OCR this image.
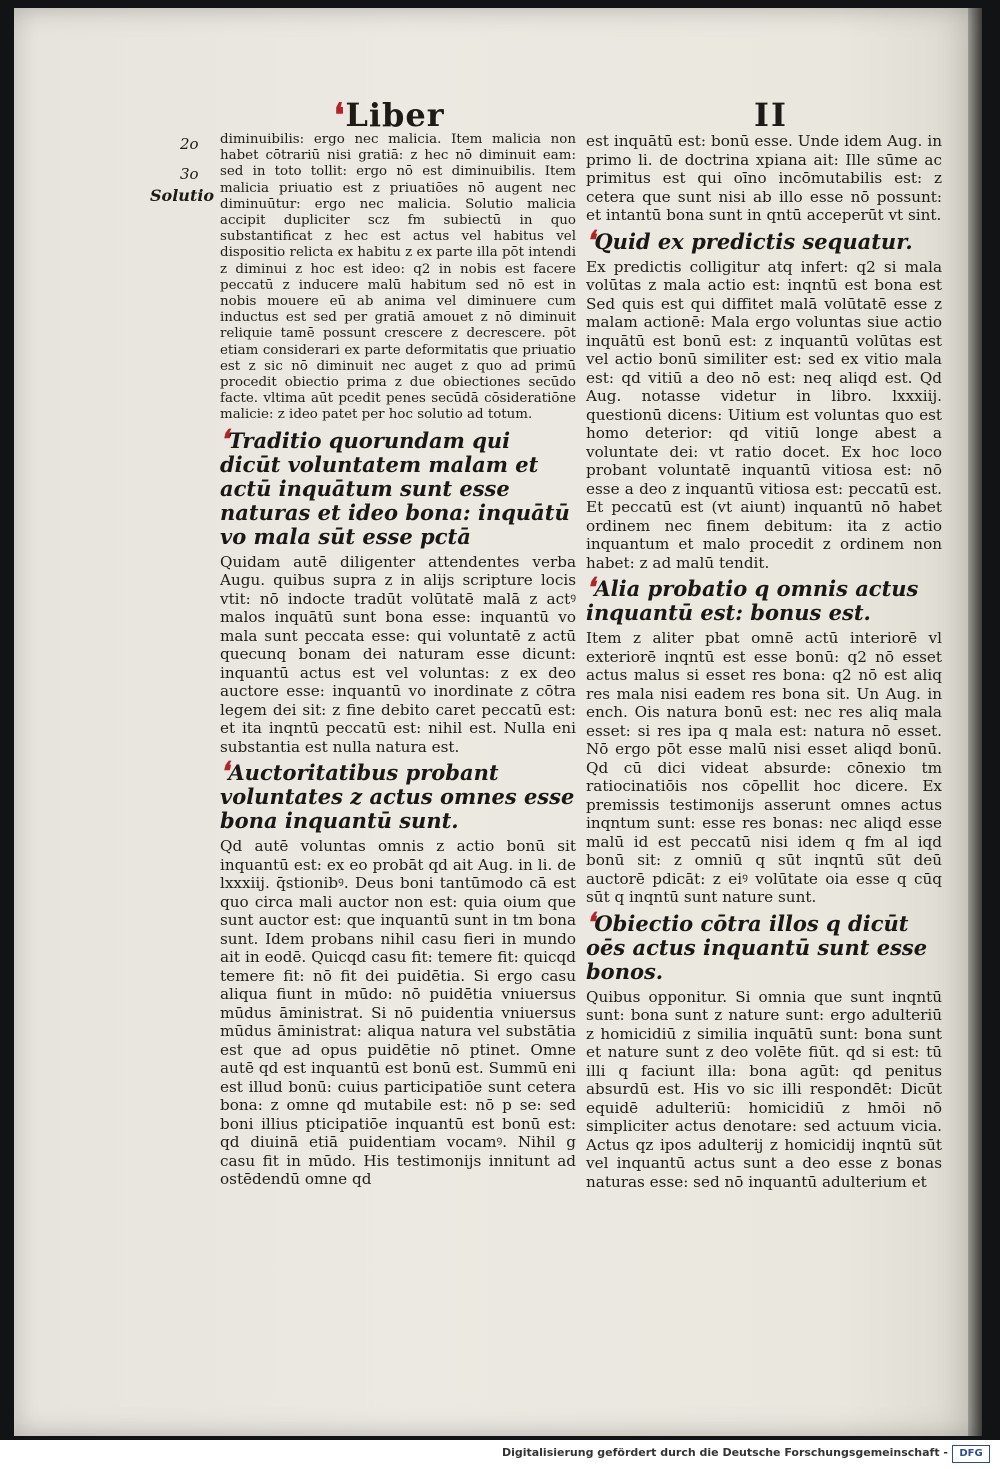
❛Liber	II
2o
3o
Solutio

diminuibilis: ergo nec malicia. Item malicia non habet cōtrariū nisi gratiā: z hec nō diminuit eam: sed in toto tollit: ergo nō est diminuibilis. Item malicia priuatio est z priuatiōes nō augent nec diminuūtur: ergo nec malicia. Solutio malicia accipit dupliciter scz fm subiectū in quo substantificat z hec est actus vel habitus vel dispositio relicta ex habitu z ex parte illa pōt intendi z diminui z hoc est ideo: q2 in nobis est facere peccatū z inducere malū habitum sed nō est in nobis mouere eū ab anima vel diminuere cum inductus est sed per gratiā amouet z nō diminuit reliquie tamē possunt crescere z decrescere. pōt etiam considerari ex parte deformitatis que priuatio est z sic nō diminuit nec auget z quo ad primū procedit obiectio prima z due obiectiones secūdo facte. vltima aūt pcedit penes secūdā cōsideratiōne malicie: z ideo patet per hoc solutio ad totum.

❛Traditio quorundam qui dicūt voluntatem malam et actū inquātum sunt esse naturas et ideo bona: inquātū vo mala sūt esse pctā

Quidam autē diligenter attendentes verba Augu. quibus supra z in alijs scripture locis vtit: nō indocte tradūt volūtatē malā z actꝰ malos inquātū sunt bona esse: inquantū vo mala sunt peccata esse: qui voluntatē z actū quecunq bonam dei naturam esse dicunt: inquantū actus est vel voluntas: z ex deo auctore esse: inquantū vo inordinate z cōtra legem dei sit: z fine debito caret peccatū est: et ita inqntū peccatū est: nihil est. Nulla eni substantia est nulla natura est.

❛Auctoritatibus probant voluntates z actus omnes esse bona inquantū sunt.

Qd autē voluntas omnis z actio bonū sit inquantū est: ex eo probāt qd ait Aug. in li. de lxxxiij. q̄stionibꝰ. Deus boni tantūmodo cā est quo circa mali auctor non est: quia oium que sunt auctor est: que inquantū sunt in tm bona sunt. Idem probans nihil casu fieri in mundo ait in eodē. Quicqd casu fit: temere fit: quicqd temere fit: nō fit dei puidētia. Si ergo casu aliqua fiunt in mūdo: nō puidētia vniuersus mūdus āministrat. Si nō puidentia vniuersus mūdus āministrat: aliqua natura vel substātia est que ad opus puidētie nō ptinet. Omne autē qd est inquantū est bonū est. Summū eni est illud bonū: cuius participatiōe sunt cetera bona: z omne qd mutabile est: nō p se: sed boni illius pticipatiōe inquantū est bonū est: qd diuinā etiā puidentiam vocamꝰ. Nihil g casu fit in mūdo. His testimonijs innitunt ad ostēdendū omne qd

est inquātū est: bonū esse. Unde idem Aug. in primo li. de doctrina xpiana ait: Ille sūme ac primitus est qui oīno incōmutabilis est: z cetera que sunt nisi ab illo esse nō possunt: et intantū bona sunt in qntū acceperūt vt sint.

❛Quid ex predictis sequatur.

Ex predictis colligitur atq infert: q2 si mala volūtas z mala actio est: inqntū est bona est Sed quis est qui diffitet malā volūtatē esse z malam actionē: Mala ergo voluntas siue actio inquātū est bonū est: z inquantū volūtas est vel actio bonū similiter est: sed ex vitio mala est: qd vitiū a deo nō est: neq aliqd est. Qd Aug. notasse videtur in libro. lxxxiij. questionū dicens: Uitium est voluntas quo est homo deterior: qd vitiū longe abest a voluntate dei: vt ratio docet. Ex hoc loco probant voluntatē inquantū vitiosa est: nō esse a deo z inquantū vitiosa est: peccatū est. Et peccatū est (vt aiunt) inquantū nō habet ordinem nec finem debitum: ita z actio inquantum et malo procedit z ordinem non habet: z ad malū tendit.

❛Alia probatio q omnis actus inquantū est: bonus est.

Item z aliter pbat omnē actū interiorē vl exteriorē inqntū est esse bonū: q2 nō esset actus malus si esset res bona: q2 nō est aliq res mala nisi eadem res bona sit. Un Aug. in ench. Ois natura bonū est: nec res aliq mala esset: si res ipa q mala est: natura nō esset. Nō ergo pōt esse malū nisi esset aliqd bonū. Qd cū dici videat absurde: cōnexio tm ratiocinatiōis nos cōpellit hoc dicere. Ex premissis testimonijs asserunt omnes actus inqntum sunt: esse res bonas: nec aliqd esse malū id est peccatū nisi idem q fm al iqd bonū sit: z omniū q sūt inqntū sūt deū auctorē pdicāt: z eiꝰ volūtate oia esse q cūq sūt q inqntū sunt nature sunt.

❛Obiectio cōtra illos q dicūt oēs actus inquantū sunt esse bonos.

Quibus opponitur. Si omnia que sunt inqntū sunt: bona sunt z nature sunt: ergo adulteriū z homicidiū z similia inquātū sunt: bona sunt et nature sunt z deo volēte fiūt. qd si est: tū illi q faciunt illa: bona agūt: qd penitus absurdū est. His vo sic illi respondēt: Dicūt equidē adulteriū: homicidiū z hmōi nō simpliciter actus denotare: sed actuum vicia. Actus qz ipos adulterij z homicidij inqntū sūt vel inquantū actus sunt a deo esse z bonas naturas esse: sed nō inquantū adulterium et

Digitalisierung gefördert durch die Deutsche Forschungsgemeinschaft -	DFG
